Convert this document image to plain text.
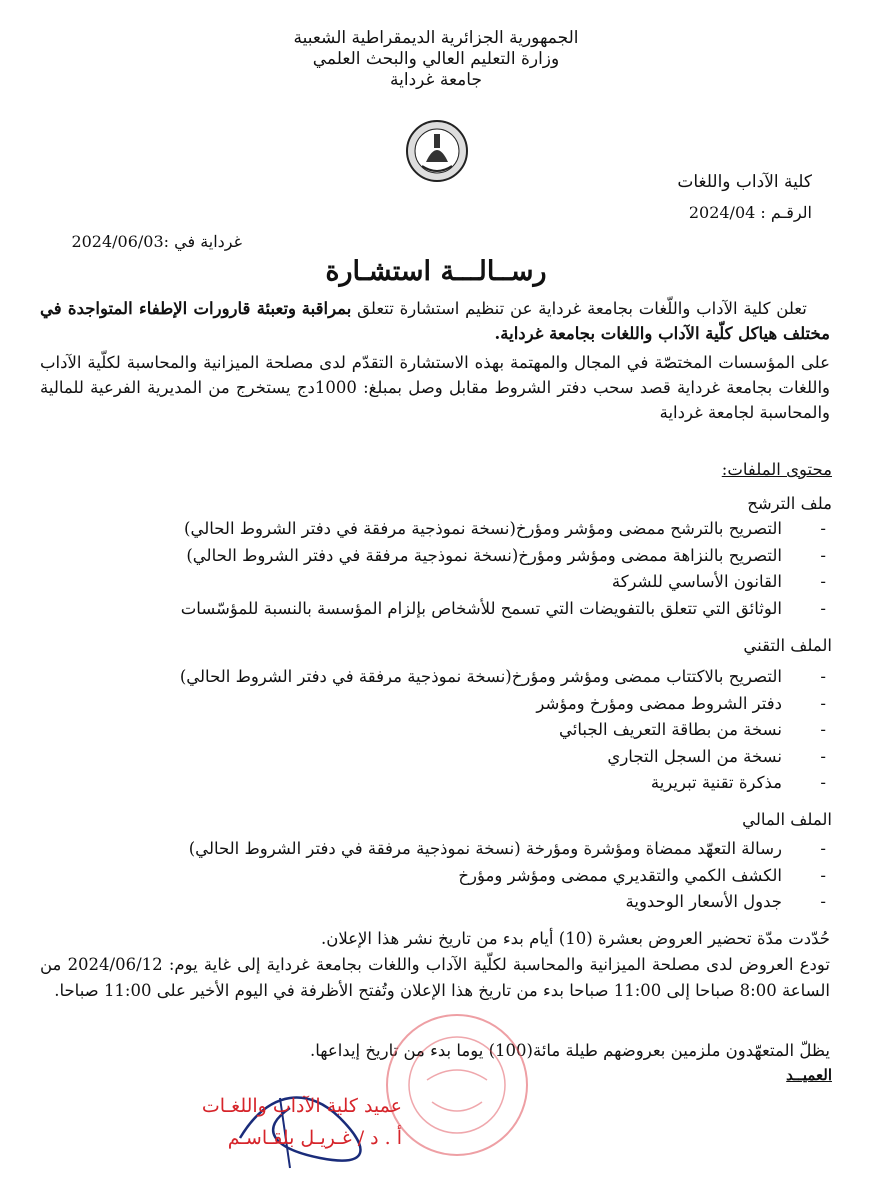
الجمهورية الجزائرية الديمقراطية الشعبية
وزارة التعليم العالي والبحث العلمي
جامعة غرداية
كلية الآداب واللغات
الرقـم : 2024/04
غرداية في :2024/06/03
رســالـــة استشـارة

تعلن كلية الآداب واللّغات بجامعة غرداية عن تنظيم استشارة تتعلق بمراقبة وتعبئة قارورات الإطفاء المتواجدة في مختلف هياكل كلّية الآداب واللغات بجامعة غرداية.

على المؤسسات المختصّة في المجال والمهتمة بهذه الاستشارة التقدّم لدى مصلحة الميزانية والمحاسبة لكلّية الآداب واللغات بجامعة غرداية قصد سحب دفتر الشروط مقابل وصل بمبلغ: 1000دج يستخرج من المديرية الفرعية للمالية والمحاسبة لجامعة غرداية

محتوى الملفات:
ملف الترشح
-
التصريح بالترشح ممضى ومؤشر ومؤرخ(نسخة نموذجية مرفقة في دفتر الشروط الحالي)
-
التصريح بالنزاهة ممضى ومؤشر ومؤرخ(نسخة نموذجية مرفقة في دفتر الشروط الحالي)
-
القانون الأساسي للشركة
-
الوثائق التي تتعلق بالتفويضات التي تسمح للأشخاص بإلزام المؤسسة بالنسبة للمؤسّسات
الملف التقني
-
التصريح بالاكتتاب ممضى ومؤشر ومؤرخ(نسخة نموذجية مرفقة في دفتر الشروط الحالي)
-
دفتر الشروط ممضى ومؤرخ ومؤشر
-
نسخة من بطاقة التعريف الجبائي
-
نسخة من السجل التجاري
-
مذكرة تقنية تبريرية
الملف المالي
-
رسالة التعهّد ممضاة ومؤشرة ومؤرخة (نسخة نموذجية مرفقة في دفتر الشروط الحالي)
-
الكشف الكمي والتقديري ممضى ومؤشر ومؤرخ
-
جدول الأسعار الوحدوية
حُدّدت مدّة تحضير العروض بعشرة (10) أيام بدء من تاريخ نشر هذا الإعلان.
تودع العروض لدى مصلحة الميزانية والمحاسبة لكلّية الآداب واللغات بجامعة غرداية إلى غاية يوم: 2024/06/12 من الساعة 8:00 صباحا إلى 11:00 صباحا بدء من تاريخ هذا الإعلان وتُفتح الأظرفة في اليوم الأخير على 11:00 صباحا.
يظلّ المتعهّدون ملزمين بعروضهم طيلة مائة(100) يوما بدء من تاريخ إيداعها.
العميــد
عميد كلية الآداب واللغـات
أ . د / غـريـل بلقـاسـم
